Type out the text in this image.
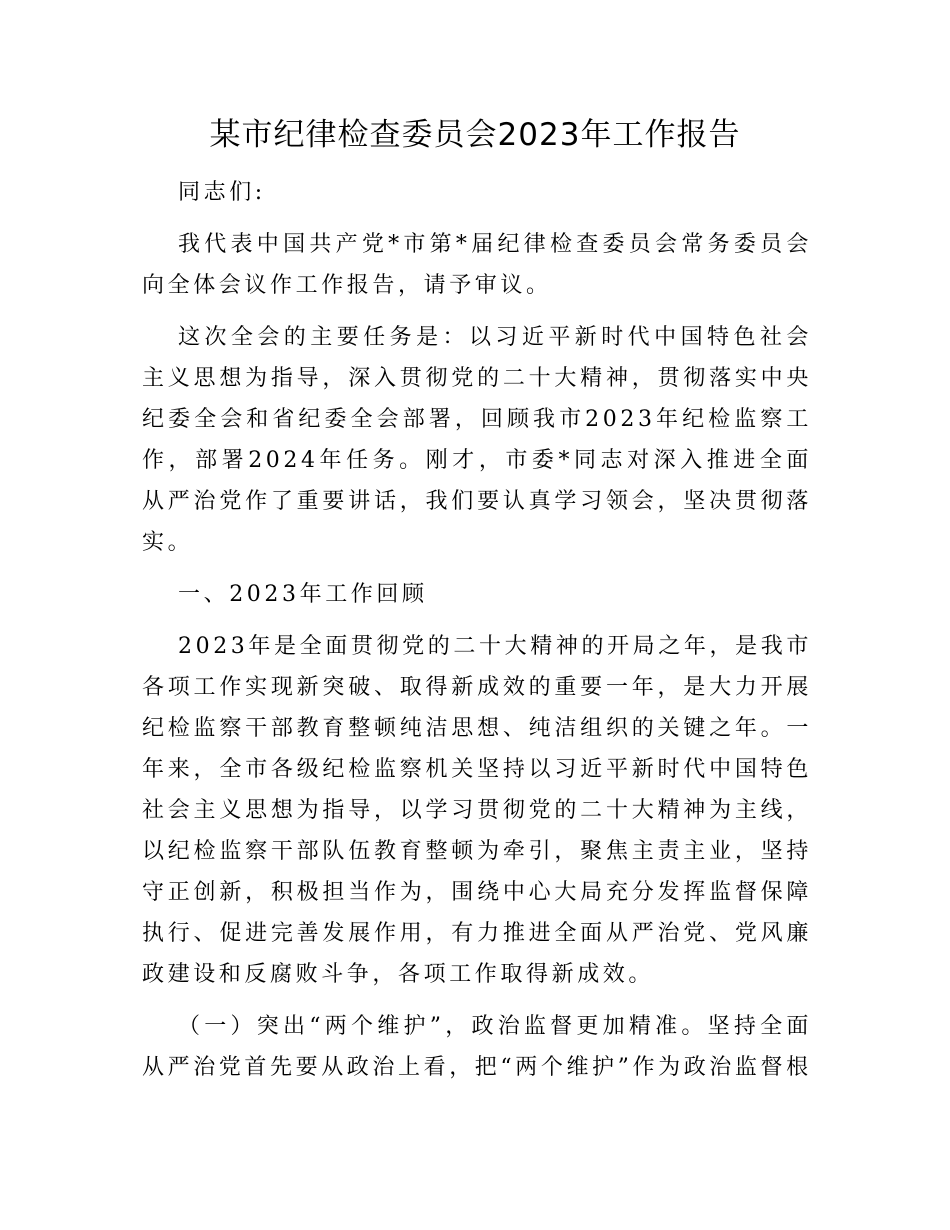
某市纪律检查委员会2023年工作报告

同志们:

我代表中国共产党*市第*届纪律检查委员会常务委员会向全体会议作工作报告，请予审议。

这次全会的主要任务是：以习近平新时代中国特色社会主义思想为指导，深入贯彻党的二十大精神，贯彻落实中央纪委全会和省纪委全会部署，回顾我市2023年纪检监察工作，部署2024年任务。刚才，市委*同志对深入推进全面从严治党作了重要讲话，我们要认真学习领会，坚决贯彻落实。

一、2023年工作回顾

2023年是全面贯彻党的二十大精神的开局之年，是我市各项工作实现新突破、取得新成效的重要一年，是大力开展纪检监察干部教育整顿纯洁思想、纯洁组织的关键之年。一年来，全市各级纪检监察机关坚持以习近平新时代中国特色社会主义思想为指导，以学习贯彻党的二十大精神为主线，以纪检监察干部队伍教育整顿为牵引，聚焦主责主业，坚持守正创新，积极担当作为，围绕中心大局充分发挥监督保障执行、促进完善发展作用，有力推进全面从严治党、党风廉政建设和反腐败斗争，各项工作取得新成效。

（一）突出“两个维护”，政治监督更加精准。坚持全面从严治党首先要从政治上看，把“两个维护”作为政治监督根
